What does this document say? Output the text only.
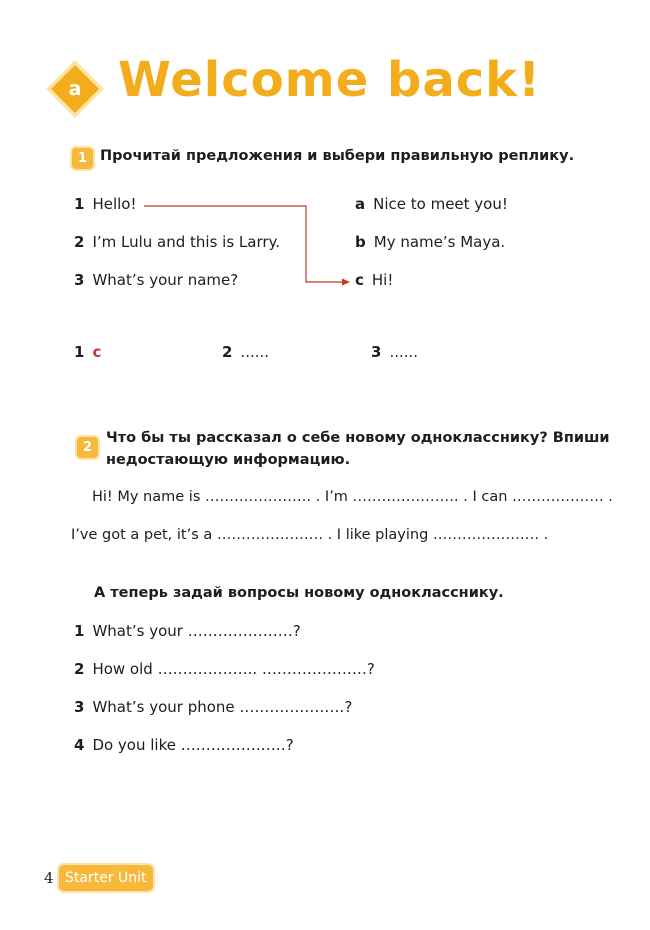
a Welcome back!
1 Прочитай предложения и выбери правильную реплику.
1 Hello!
2 I’m Lulu and this is Larry.
3 What’s your name?
a Nice to meet you!
b My name’s Maya.
c Hi!
1 c	2 ......	3 ......
2
Что бы ты рассказал о себе новому однокласснику? Впиши
недостающую информацию.
Hi! My name is …………………. . I’m …………………. . I can ………………. .
I’ve got a pet, it’s a …………………. . I like playing …………………. .
А теперь задай вопросы новому однокласснику.
1 What’s your …………………?
2 How old ……………….. …………………?
3 What’s your phone …………………?
4 Do you like …………………?
4 Starter Unit
